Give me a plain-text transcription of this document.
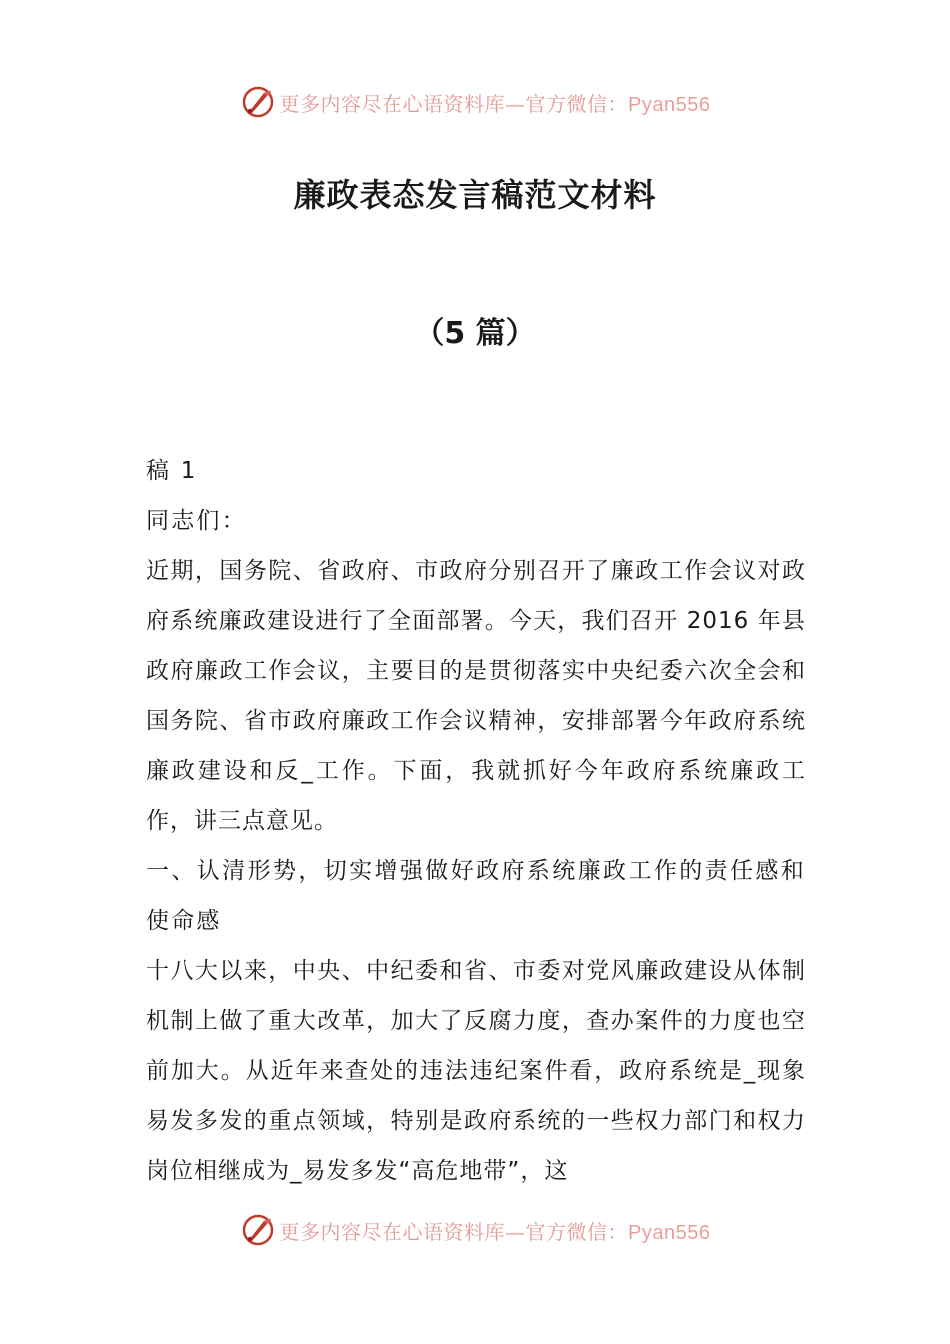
更多内容尽在心语资料库—官方微信：Pyan556
廉政表态发言稿范文材料
（5 篇）

稿 1

同志们：

近期，国务院、省政府、市政府分别召开了廉政工作会议对政府系统廉政建设进行了全面部署。今天，我们召开 2016 年县政府廉政工作会议，主要目的是贯彻落实中央纪委六次全会和国务院、省市政府廉政工作会议精神，安排部署今年政府系统廉政建设和反_工作。下面，我就抓好今年政府系统廉政工作，讲三点意见。

一、认清形势，切实增强做好政府系统廉政工作的责任感和使命感

十八大以来，中央、中纪委和省、市委对党风廉政建设从体制机制上做了重大改革，加大了反腐力度，查办案件的力度也空前加大。从近年来查处的违法违纪案件看，政府系统是_现象易发多发的重点领域，特别是政府系统的一些权力部门和权力岗位相继成为_易发多发“高危地带”，这

更多内容尽在心语资料库—官方微信：Pyan556
